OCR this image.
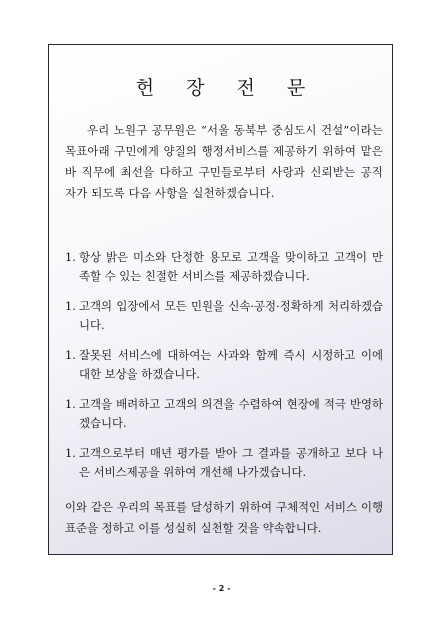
헌 장 전 문

우리 노원구 공무원은 “서울 동북부 중심도시 건설”이라는 목표아래 구민에게 양질의 행정서비스를 제공하기 위하여 맡은바 직무에 최선을 다하고 구민들로부터 사랑과 신뢰받는 공직자가 되도록 다음 사항을 실천하겠습니다.

1. 항상 밝은 미소와 단정한 용모로 고객을 맞이하고 고객이 만족할 수 있는 친절한 서비스를 제공하겠습니다.
1. 고객의 입장에서 모든 민원을 신속·공정·정확하게 처리하겠습니다.
1. 잘못된 서비스에 대하여는 사과와 함께 즉시 시정하고 이에 대한 보상을 하겠습니다.
1. 고객을 배려하고 고객의 의견을 수렴하여 현장에 적극 반영하겠습니다.
1. 고객으로부터 매년 평가를 받아 그 결과를 공개하고 보다 나은 서비스제공을 위하여 개선해 나가겠습니다.

이와 같은 우리의 목표를 달성하기 위하여 구체적인 서비스 이행표준을 정하고 이를 성실히 실천할 것을 약속합니다.

- 2 -
